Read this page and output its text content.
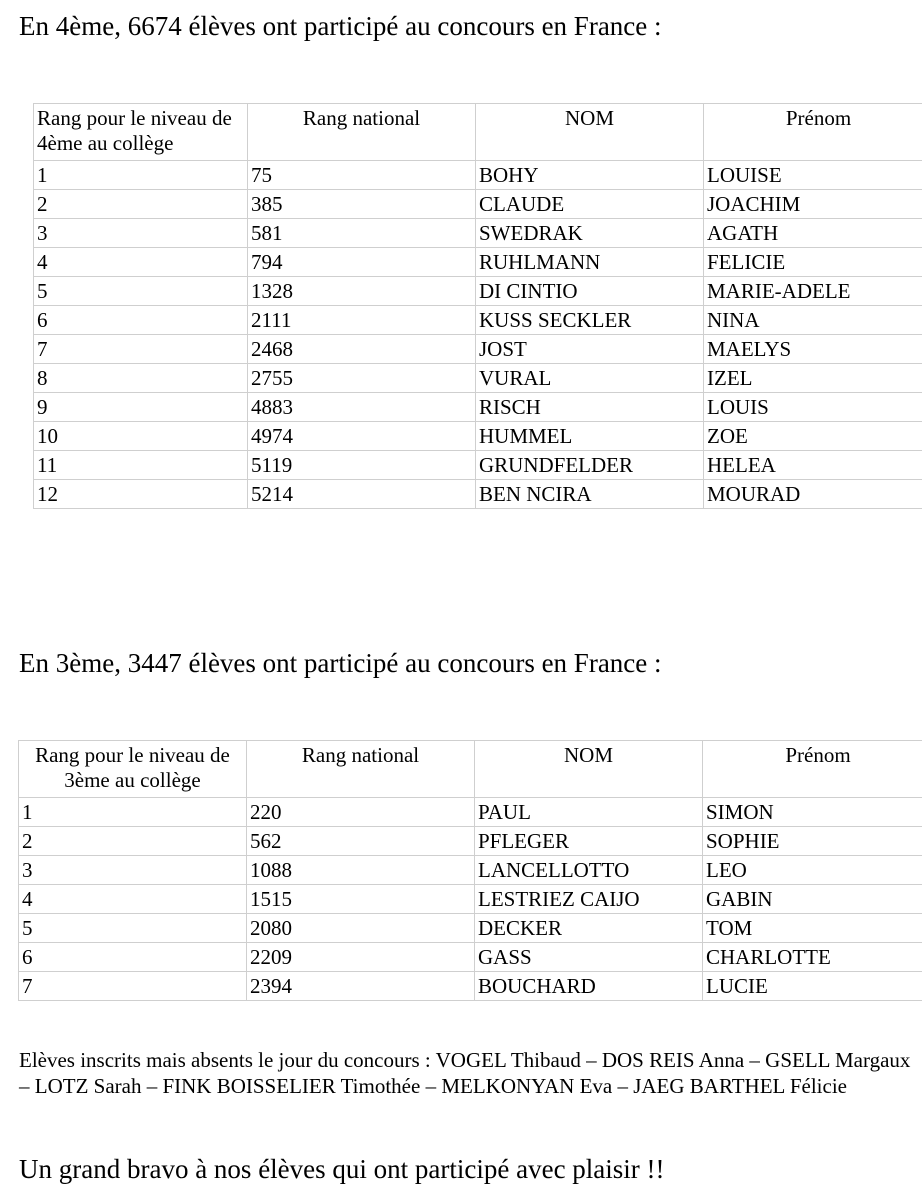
En 4ème, 6674 élèves ont participé au concours en France :
Rang pour le niveau de 4ème au collège	Rang national	NOM	Prénom
1	75	BOHY	LOUISE
2	385	CLAUDE	JOACHIM
3	581	SWEDRAK	AGATH
4	794	RUHLMANN	FELICIE
5	1328	DI CINTIO	MARIE-ADELE
6	2111	KUSS SECKLER	NINA
7	2468	JOST	MAELYS
8	2755	VURAL	IZEL
9	4883	RISCH	LOUIS
10	4974	HUMMEL	ZOE
11	5119	GRUNDFELDER	HELEA
12	5214	BEN NCIRA	MOURAD
En 3ème, 3447 élèves ont participé au concours en France :
Rang pour le niveau de 3ème au collège	Rang national	NOM	Prénom
1	220	PAUL	SIMON
2	562	PFLEGER	SOPHIE
3	1088	LANCELLOTTO	LEO
4	1515	LESTRIEZ CAIJO	GABIN
5	2080	DECKER	TOM
6	2209	GASS	CHARLOTTE
7	2394	BOUCHARD	LUCIE

Elèves inscrits mais absents le jour du concours : VOGEL Thibaud – DOS REIS Anna – GSELL Margaux – LOTZ Sarah – FINK BOISSELIER Timothée – MELKONYAN Eva – JAEG BARTHEL Félicie

Un grand bravo à nos élèves qui ont participé avec plaisir !!
